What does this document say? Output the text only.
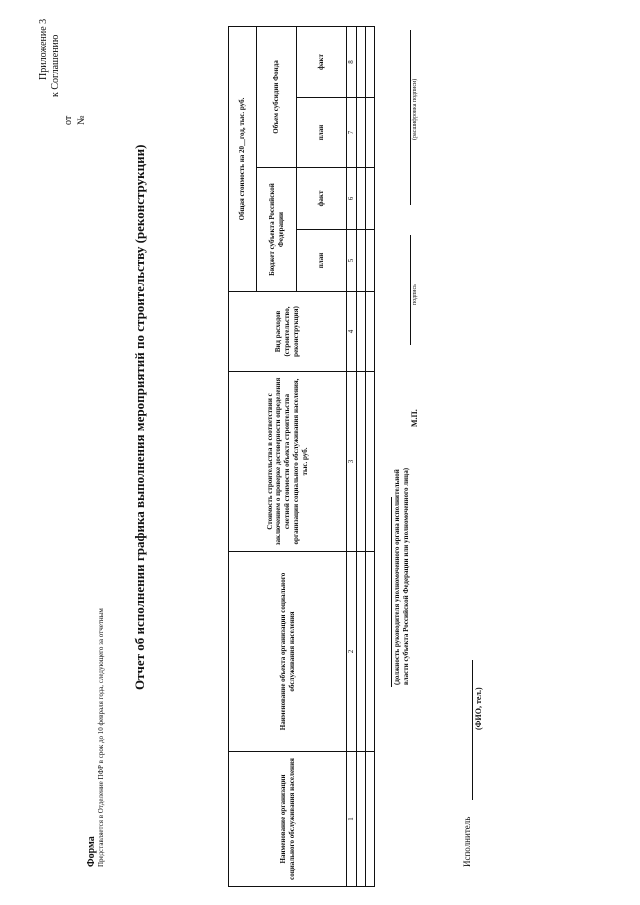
Приложение 3 к Соглашению
от №
Форма Представляется в Отделение ПФР в срок до 10 февраля года, следующего за отчетным
Отчет об исполнении графика выполнения мероприятий по строительству (реконструкции)
Наименование организации социального обслуживания населения	Наименование объекта организации социального обслуживания населения	Стоимость строительства в соответствии с заключением о проверке достоверности определения сметной стоимости объекта строительства организации социального обслуживания населения, тыс. руб.	Вид расходов (строительство, реконструкция)	Общая стоимость на 20__год, тыс. руб.			
				Бюджет субъекта Российской Федерации		Объем субсидии Фонда	
				план	факт	план	факт
1	2	3	4	5	6	7	8

(должность руководителя уполномоченного органа исполнительной власти субъекта Российской Федерации или уполномоченного лица)
М.П.
подпись
(расшифровка подписи)
Исполнитель
(ФИО, тел.)
